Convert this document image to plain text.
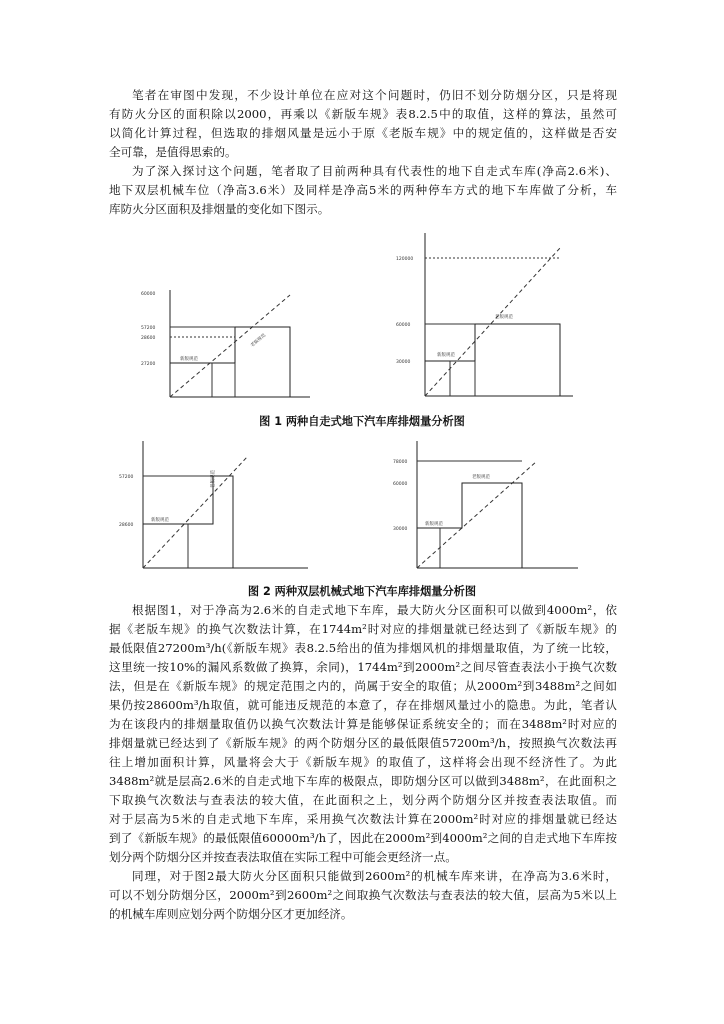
笔者在审图中发现，不少设计单位在应对这个问题时，仍旧不划分防烟分区，只是将现
有防火分区的面积除以2000，再乘以《新版车规》表8.2.5中的取值，这样的算法，虽然可
以简化计算过程，但选取的排烟风量是远小于原《老版车规》中的规定值的，这样做是否安
全可靠，是值得思索的。
为了深入探讨这个问题，笔者取了目前两种具有代表性的地下自走式车库(净高2.6米)、
地下双层机械车位（净高3.6米）及同样是净高5米的两种停车方式的地下车库做了分析，车
库防火分区面积及排烟量的变化如下图示。
60000
57200
28600
27200
新版规范
老版规范
120000
60000
30000
新版规范
老版规范
图 1 两种自走式地下汽车库排烟量分析图
57200
28600
新版规范
老版规范
78000
60000
30000
新版规范
老版规范
图 2 两种双层机械式地下汽车库排烟量分析图
根据图1，对于净高为2.6米的自走式地下车库，最大防火分区面积可以做到4000m²，依
据《老版车规》的换气次数法计算，在1744m²时对应的排烟量就已经达到了《新版车规》的
最低限值27200m³/h(《新版车规》表8.2.5给出的值为排烟风机的排烟量取值，为了统一比较，
这里统一按10%的漏风系数做了换算，余同)，1744m²到2000m²之间尽管查表法小于换气次数
法，但是在《新版车规》的规定范围之内的，尚属于安全的取值；从2000m²到3488m²之间如
果仍按28600m³/h取值，就可能违反规范的本意了，存在排烟风量过小的隐患。为此，笔者认
为在该段内的排烟量取值仍以换气次数法计算是能够保证系统安全的；而在3488m²时对应的
排烟量就已经达到了《新版车规》的两个防烟分区的最低限值57200m³/h，按照换气次数法再
往上增加面积计算，风量将会大于《新版车规》的取值了，这样将会出现不经济性了。为此
3488m²就是层高2.6米的自走式地下车库的极限点，即防烟分区可以做到3488m²，在此面积之
下取换气次数法与查表法的较大值，在此面积之上，划分两个防烟分区并按查表法取值。而
对于层高为5米的自走式地下车库，采用换气次数法计算在2000m²时对应的排烟量就已经达
到了《新版车规》的最低限值60000m³/h了，因此在2000m²到4000m²之间的自走式地下车库按
划分两个防烟分区并按查表法取值在实际工程中可能会更经济一点。
同理，对于图2最大防火分区面积只能做到2600m²的机械车库来讲，在净高为3.6米时，
可以不划分防烟分区，2000m²到2600m²之间取换气次数法与查表法的较大值，层高为5米以上
的机械车库则应划分两个防烟分区才更加经济。
